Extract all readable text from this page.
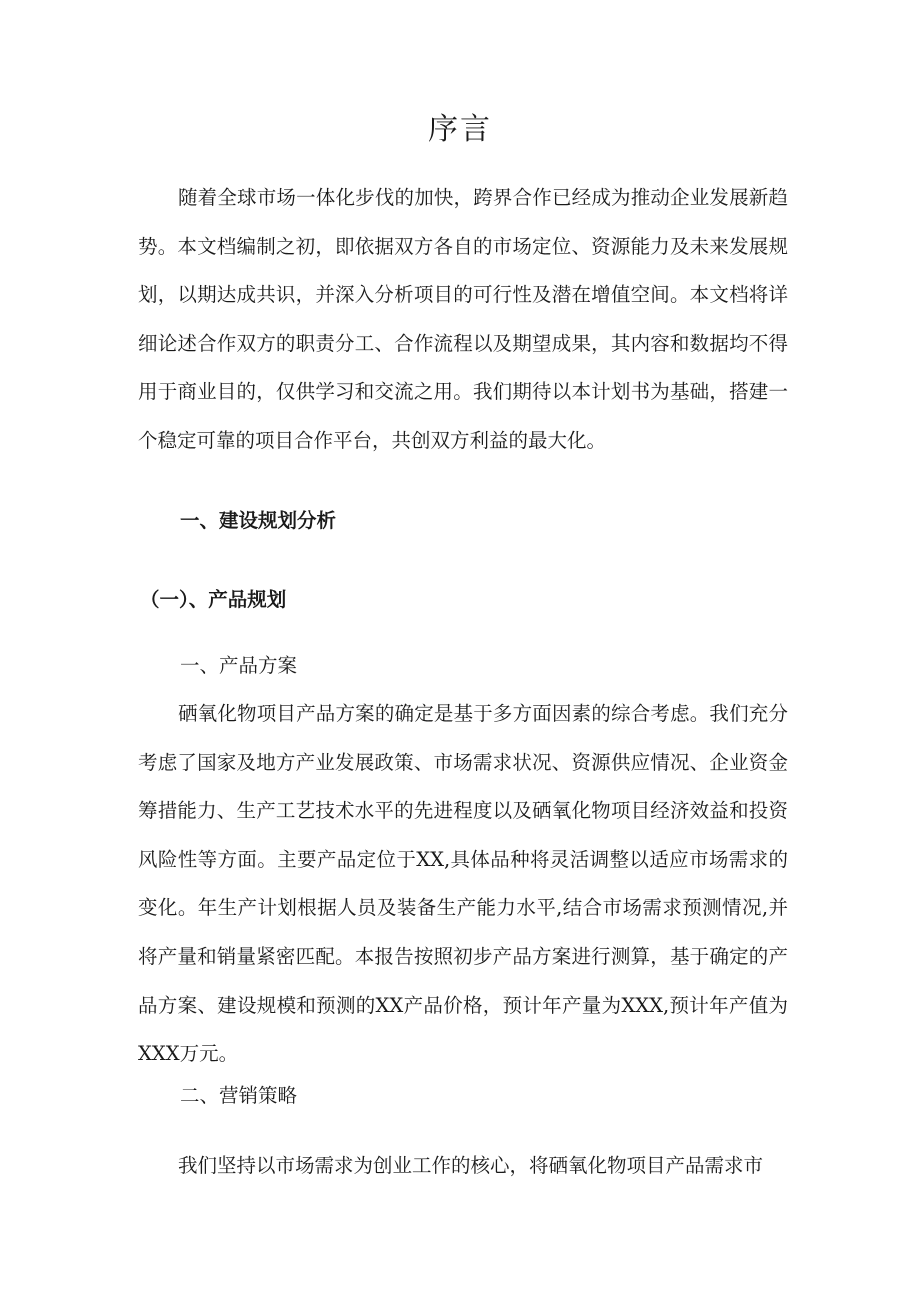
序言

随着全球市场一体化步伐的加快，跨界合作已经成为推动企业发展新趋势。本文档编制之初，即依据双方各自的市场定位、资源能力及未来发展规划，以期达成共识，并深入分析项目的可行性及潜在增值空间。本文档将详细论述合作双方的职责分工、合作流程以及期望成果，其内容和数据均不得用于商业目的，仅供学习和交流之用。我们期待以本计划书为基础，搭建一个稳定可靠的项目合作平台，共创双方利益的最大化。

一、建设规划分析

（一）、产品规划

一、产品方案

硒氧化物项目产品方案的确定是基于多方面因素的综合考虑。我们充分考虑了国家及地方产业发展政策、市场需求状况、资源供应情况、企业资金筹措能力、生产工艺技术水平的先进程度以及硒氧化物项目经济效益和投资风险性等方面。主要产品定位于XX,具体品种将灵活调整以适应市场需求的变化。年生产计划根据人员及装备生产能力水平,结合市场需求预测情况,并将产量和销量紧密匹配。本报告按照初步产品方案进行测算，基于确定的产品方案、建设规模和预测的XX产品价格，预计年产量为XXX,预计年产值为XXX万元。

二、营销策略

我们坚持以市场需求为创业工作的核心，将硒氧化物项目产品需求市
